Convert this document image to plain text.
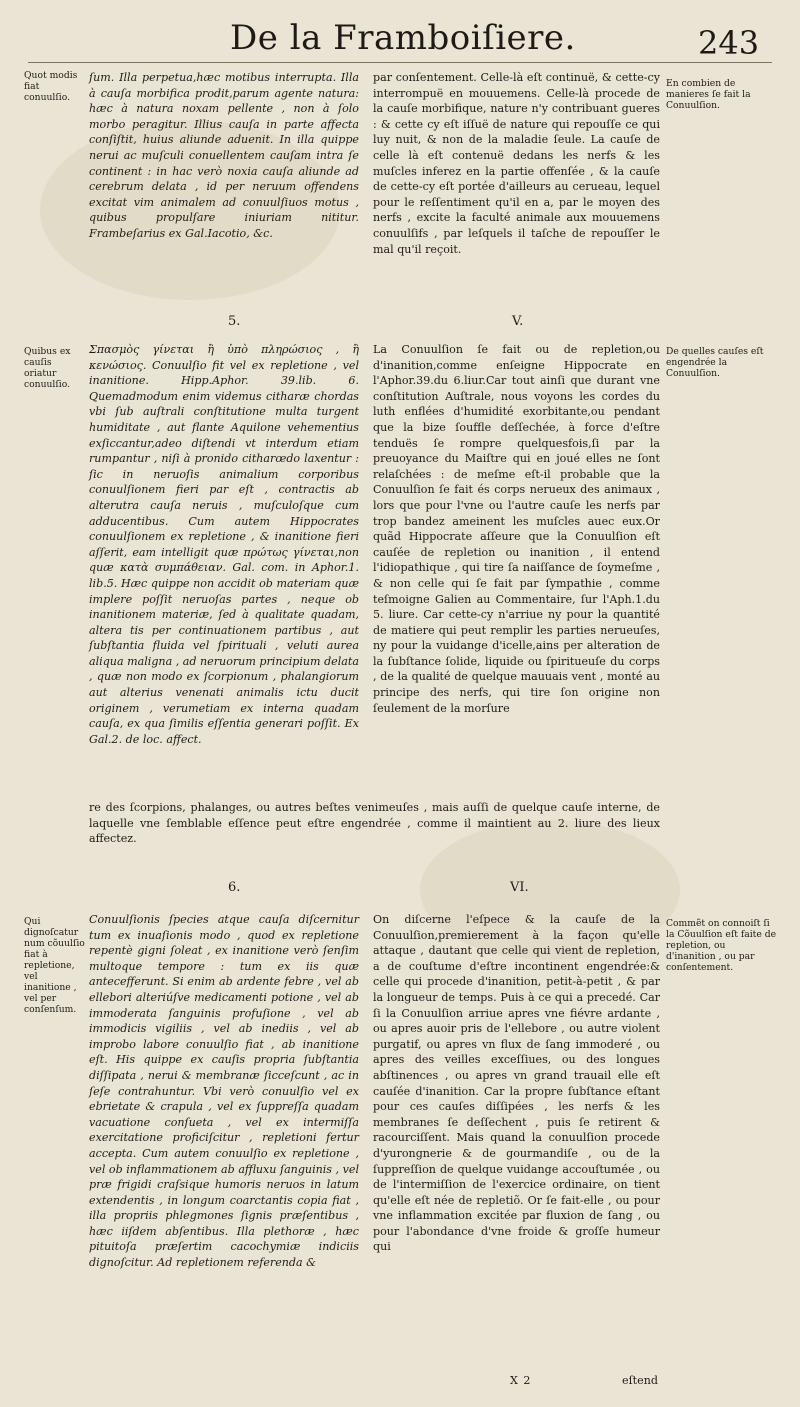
De la Framboiſiere.	243
Quot modis fiat conuulſio.

ſum. Illa perpetua,hæc motibus interrupta. Illa à cauſa morbifica prodit,parum agente natura: hæc à natura noxam pellente , non à ſolo morbo peragitur. Illius cauſa in parte affecta conſiſtit, huius aliunde aduenit. In illa quippe nerui ac muſculi conuellentem cauſam intra ſe continent : in hac verò noxia cauſa aliunde ad cerebrum delata , id per neruum offendens excitat vim animalem ad conuulſiuos motus , quibus propulſare iniuriam nititur. Frambeſarius ex Gal.Iacotio, &c.

par conſentement. Celle-là eſt continuë, & cette-cy interrompuë en mouuemens. Celle-là procede de la cauſe morbifique, nature n'y contribuant gueres : & cette cy eſt iſſuë de nature qui repouſſe ce qui luy nuit, & non de la maladie ſeule. La cauſe de celle là eſt contenuë dedans les nerfs & les muſcles inferez en la partie offenſée , & la cauſe de cette-cy eſt portée d'ailleurs au cerueau, lequel pour le reſſentiment qu'il en a, par le moyen des nerfs , excite la faculté animale aux mouuemens conuulſifs , par leſquels il taſche de repouſſer le mal qu'il reçoit.

En combien de manieres ſe fait la Conuulſion.
5.	V.
Quibus ex cauſis oriatur conuulſio.

Σπασμὸς γίνεται ἢ ὑπὸ πληρώσιος , ἢ κενώσιος. Conuulſio fit vel ex repletione , vel inanitione. Hipp.Aphor. 39.lib. 6. Quemadmodum enim videmus citharæ chordas vbi ſub auſtrali conſtitutione multa turgent humiditate , aut flante Aquilone vehementius exſiccantur,adeo diſtendi vt interdum etiam rumpantur , niſi à pronido citharœdo laxentur : ſic in neruoſis animalium corporibus conuulſionem fieri par eſt , contractis ab alterutra cauſa neruis , muſculoſque cum adducentibus. Cum autem Hippocrates conuulſionem ex repletione , & inanitione fieri aſſerit, eam intelligit quæ πρώτως γίνεται,non quæ κατὰ συμπάθειαν. Gal. com. in Aphor.1. lib.5. Hæc quippe non accidit ob materiam quæ implere poſſit neruoſas partes , neque ob inanitionem materiæ, ſed à qualitate quadam, altera tis per continuationem partibus , aut ſubſtantia fluida vel ſpirituali , veluti aurea aliqua maligna , ad neruorum principium delata , quæ non modo ex ſcorpionum , phalangiorum aut alterius venenati animalis ictu ducit originem , verumetiam ex interna quadam cauſa, ex qua ſimilis eſſentia generari poſſit. Ex Gal.2. de loc. affect.

La Conuulſion ſe fait ou de repletion,ou d'inanition,comme enſeigne Hippocrate en l'Aphor.39.du 6.liur.Car tout ainſi que durant vne conſtitution Auſtrale, nous voyons les cordes du luth enflées d'humidité exorbitante,ou pendant que la bize ſouffle deſſechée, à force d'eſtre tenduës ſe rompre quelquesfois,ſi par la preuoyance du Maiſtre qui en joué elles ne ſont relaſchées : de meſme eſt-il probable que la Conuulſion ſe fait és corps nerueux des animaux , lors que pour l'vne ou l'autre cauſe les nerfs par trop bandez ameinent les muſcles auec eux.Or quãd Hippocrate aſſeure que la Conuulſion eſt cauſée de repletion ou inanition , il entend l'idiopathique , qui tire ſa naiſſance de ſoymeſme , & non celle qui ſe fait par ſympathie , comme teſmoigne Galien au Commentaire, ſur l'Aph.1.du 5. liure. Car cette-cy n'arriue ny pour la quantité de matiere qui peut remplir les parties nerueuſes, ny pour la vuidange d'icelle,ains per alteration de la ſubſtance ſolide, liquide ou ſpiritueuſe du corps , de la qualité de quelque mauuais vent , monté au principe des nerfs, qui tire ſon origine non ſeulement de la morſure

De quelles cauſes eſt engendrée la Conuulſion.

re des ſcorpions, phalanges, ou autres beſtes venimeuſes , mais auſſi de quelque cauſe interne, de laquelle vne ſemblable eſſence peut eſtre engendrée , comme il maintient au 2. liure des lieux affectez.

6.	VI.
Qui dignoſcatur num cõuulſio fiat à repletione, vel inanitione , vel per conſenſum.

Conuulſionis ſpecies atque cauſa diſcernitur tum ex inuaſionis modo , quod ex repletione repentè gigni ſoleat , ex inanitione verò ſenſim multoque tempore : tum ex iis quæ antecefferunt. Si enim ab ardente febre , vel ab ellebori alteriúſve medicamenti potione , vel ab immoderata ſanguinis profuſione , vel ab immodicis vigiliis , vel ab inediis , vel ab improbo labore conuulſio fiat , ab inanitione eſt. His quippe ex cauſis propria ſubſtantia diſſipata , nerui & membranæ ſicceſcunt , ac in ſeſe contrahuntur. Vbi verò conuulſio vel ex ebrietate & crapula , vel ex ſuppreſſa quadam vacuatione conſueta , vel ex intermiſſa exercitatione proficiſcitur , repletioni fertur accepta. Cum autem conuulſio ex repletione , vel ob inflammationem ab affluxu ſanguinis , vel præ frigidi craſsique humoris neruos in latum extendentis , in longum coarctantis copia fiat , illa propriis phlegmones ſignis præſentibus , hæc iiſdem abſentibus. Illa plethoræ , hæc pituitoſa præſertim cacochymiæ indiciis dignoſcitur. Ad repletionem referenda &

On diſcerne l'eſpece & la cauſe de la Conuulſion,premierement à la façon qu'elle attaque , dautant que celle qui vient de repletion, a de couſtume d'eſtre incontinent engendrée:& celle qui procede d'inanition, petit-à-petit , & par la longueur de temps. Puis à ce qui a precedé. Car ſi la Conuulſion arriue apres vne fiévre ardante , ou apres auoir pris de l'ellebore , ou autre violent purgatif, ou apres vn flux de ſang immoderé , ou apres des veilles exceſſiues, ou des longues abſtinences , ou apres vn grand trauail elle eſt cauſée d'inanition. Car la propre ſubſtance eſtant pour ces cauſes diſſipées , les nerfs & les membranes ſe deſſechent , puis ſe retirent & racourciſſent. Mais quand la conuulſion procede d'yurongnerie & de gourmandiſe , ou de la ſuppreſſion de quelque vuidange accouſtumée , ou de l'intermiſſion de l'exercice ordinaire, on tient qu'elle eſt née de repletiõ. Or ſe fait-elle , ou pour vne inflammation excitée par fluxion de ſang , ou pour l'abondance d'vne froide & groſſe humeur qui

Commẽt on connoiſt ſi la Cõuulſion eſt faite de repletion, ou d'inanition , ou par conſentement.
X 2	eſtend
